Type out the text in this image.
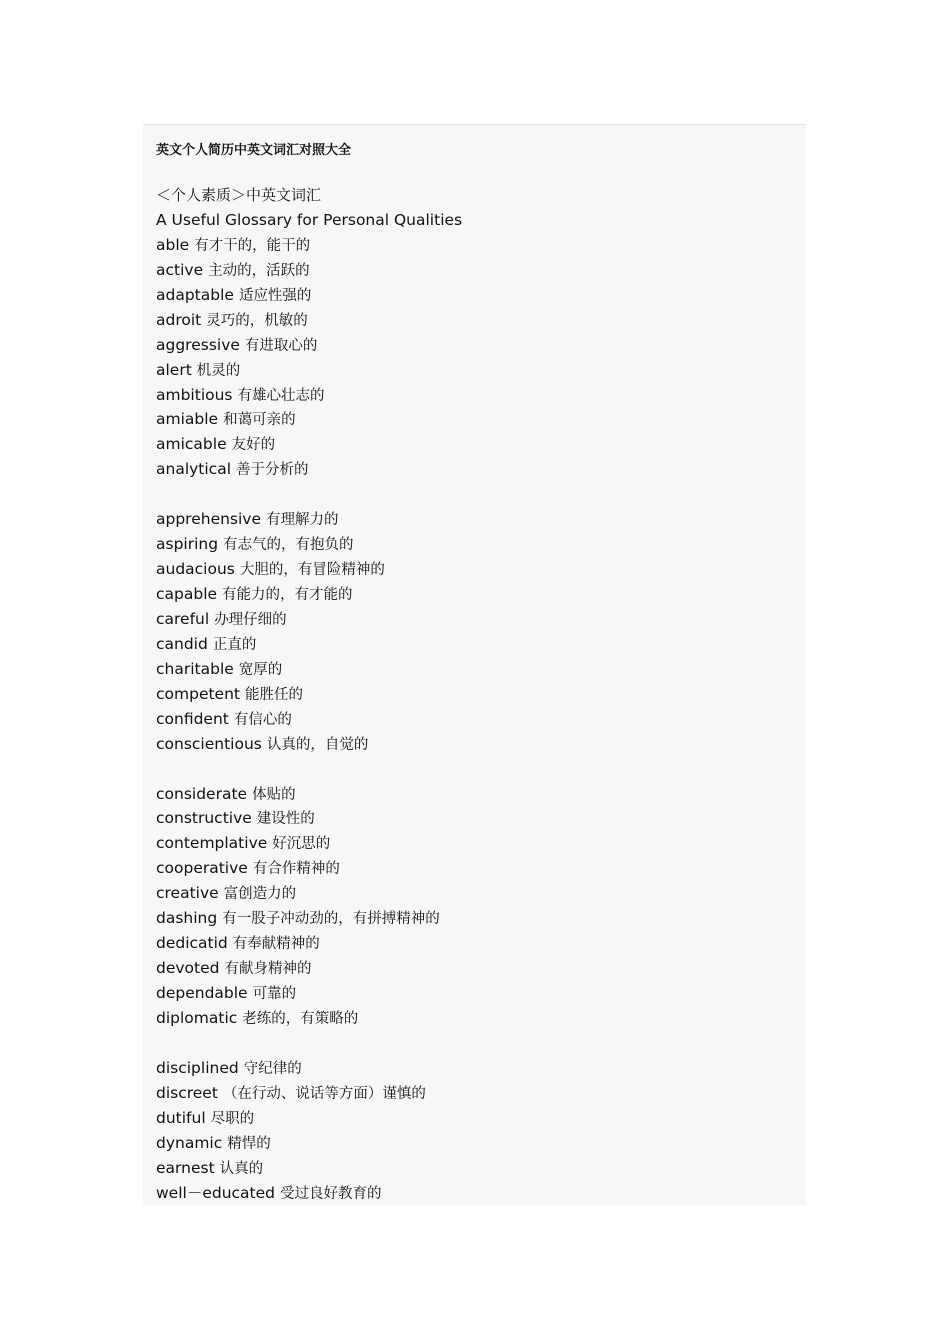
英文个人简历中英文词汇对照大全
＜个人素质＞中英文词汇
A Useful Glossary for Personal Qualities
able 有才干的，能干的
active 主动的，活跃的
adaptable 适应性强的
adroit 灵巧的，机敏的
aggressive 有进取心的
alert 机灵的
ambitious 有雄心壮志的
amiable 和蔼可亲的
amicable 友好的
analytical 善于分析的
apprehensive 有理解力的
aspiring 有志气的，有抱负的
audacious 大胆的，有冒险精神的
capable 有能力的，有才能的
careful 办理仔细的
candid 正直的
charitable 宽厚的
competent 能胜任的
confident 有信心的
conscientious 认真的，自觉的
considerate 体贴的
constructive 建设性的
contemplative 好沉思的
cooperative 有合作精神的
creative 富创造力的
dashing 有一股子冲动劲的，有拼搏精神的
dedicatid 有奉献精神的
devoted 有献身精神的
dependable 可靠的
diplomatic 老练的，有策略的
disciplined 守纪律的
discreet （在行动、说话等方面）谨慎的
dutiful 尽职的
dynamic 精悍的
earnest 认真的
well－educated 受过良好教育的
